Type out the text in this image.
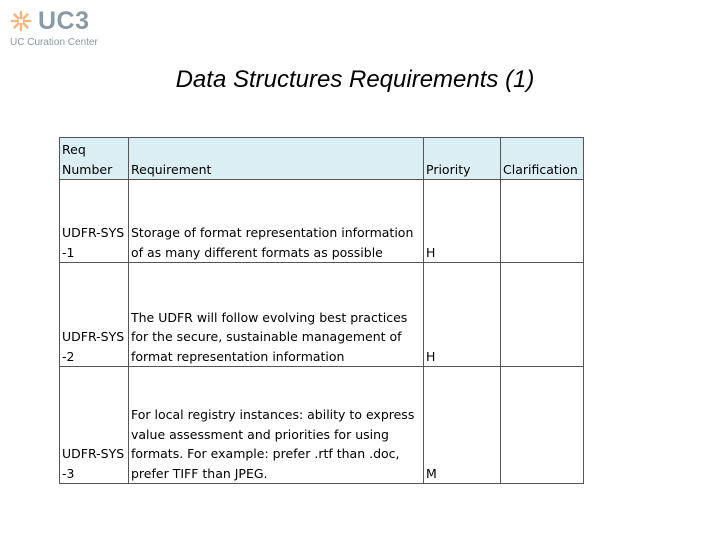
UC3
UC Curation Center
Data Structures Requirements (1)
Req Number	Requirement	Priority	Clarification
UDFR-SYS -1	Storage of format representation information of as many different formats as possible	H	
UDFR-SYS -2	The UDFR will follow evolving best practices for the secure, sustainable management of format representation information	H	
UDFR-SYS -3	For local registry instances: ability to express value assessment and priorities for using formats. For example: prefer .rtf than .doc, prefer TIFF than JPEG.	M	
